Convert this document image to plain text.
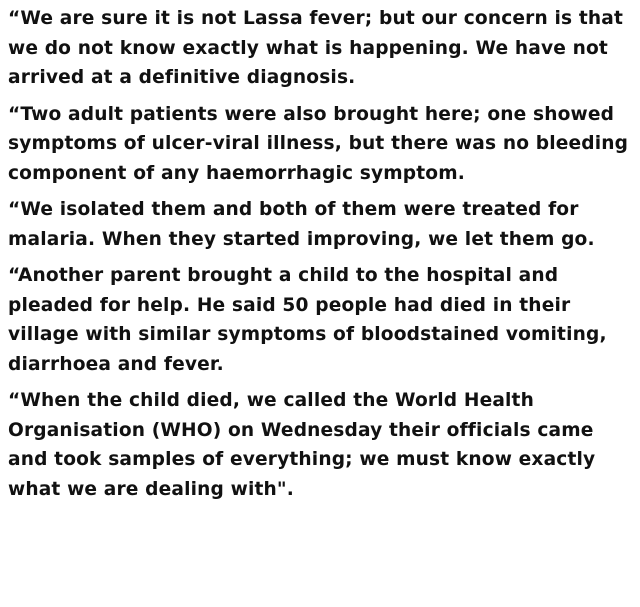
“We are sure it is not Lassa fever; but our concern is that we do not know exactly what is happening. We have not arrived at a definitive diagnosis.

“Two adult patients were also brought here; one showed symptoms of ulcer-viral illness, but there was no bleeding component of any haemorrhagic symptom.

“We isolated them and both of them were treated for malaria. When they started improving, we let them go.

“Another parent brought a child to the hospital and pleaded for help. He said 50 people had died in their village with similar symptoms of bloodstained vomiting, diarrhoea and fever.

“When the child died, we called the World Health Organisation (WHO) on Wednesday their officials came and took samples of everything; we must know exactly what we are dealing with".
